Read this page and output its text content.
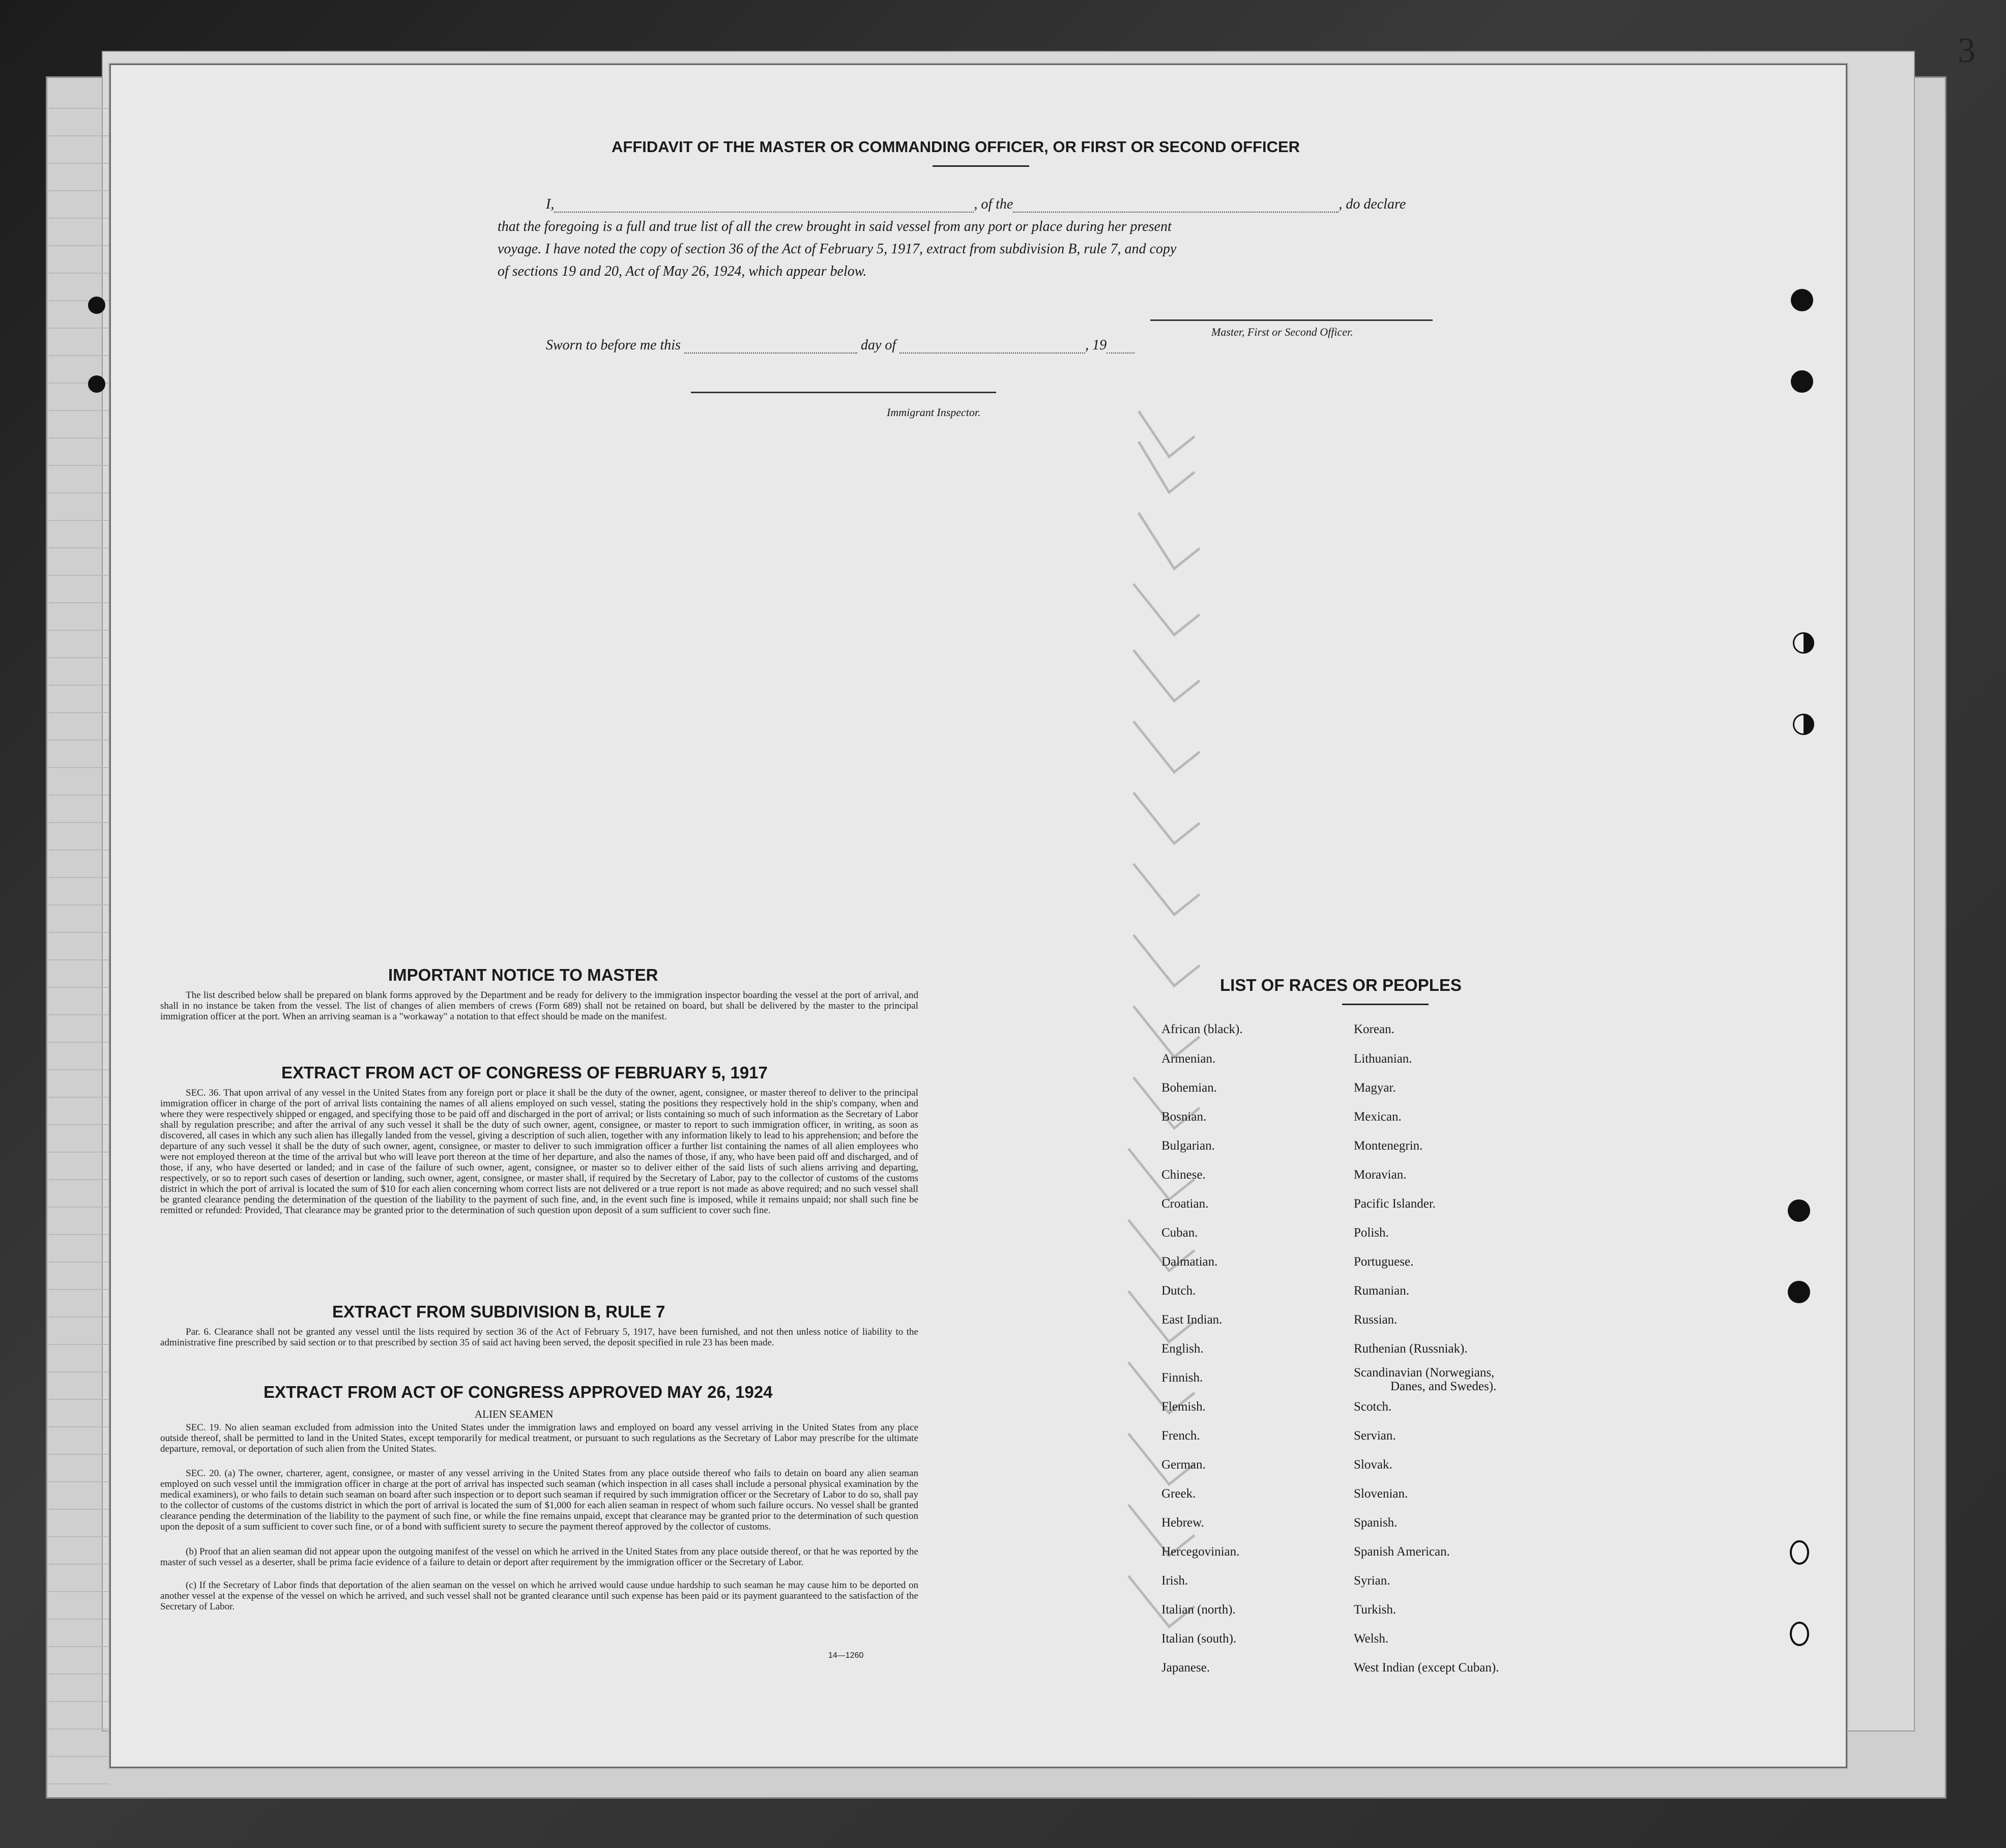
AFFIDAVIT OF THE MASTER OR COMMANDING OFFICER, OR FIRST OR SECOND OFFICER
I,	, of the	, do declare
that the foregoing is a full and true list of all the crew brought in said vessel from any port or place during her present
voyage. I have noted the copy of section 36 of the Act of February 5, 1917, extract from subdivision B, rule 7, and copy
of sections 19 and 20, Act of May 26, 1924, which appear below.
Master, First or Second Officer.
Sworn to before me this	day of	, 19
Immigrant Inspector.
IMPORTANT NOTICE TO MASTER
The list described below shall be prepared on blank forms approved by the Department and be ready for delivery to the immigration inspector boarding the vessel at the port of arrival, and shall in no instance be taken from the vessel. The list of changes of alien members of crews (Form 689) shall not be retained on board, but shall be delivered by the master to the principal immigration officer at the port. When an arriving seaman is a "workaway" a notation to that effect should be made on the manifest.
EXTRACT FROM ACT OF CONGRESS OF FEBRUARY 5, 1917
SEC. 36. That upon arrival of any vessel in the United States from any foreign port or place it shall be the duty of the owner, agent, consignee, or master thereof to deliver to the principal immigration officer in charge of the port of arrival lists containing the names of all aliens employed on such vessel, stating the positions they respectively hold in the ship's company, when and where they were respectively shipped or engaged, and specifying those to be paid off and discharged in the port of arrival; or lists containing so much of such information as the Secretary of Labor shall by regulation prescribe; and after the arrival of any such vessel it shall be the duty of such owner, agent, consignee, or master to report to such immigration officer, in writing, as soon as discovered, all cases in which any such alien has illegally landed from the vessel, giving a description of such alien, together with any information likely to lead to his apprehension; and before the departure of any such vessel it shall be the duty of such owner, agent, consignee, or master to deliver to such immigration officer a further list containing the names of all alien employees who were not employed thereon at the time of the arrival but who will leave port thereon at the time of her departure, and also the names of those, if any, who have been paid off and discharged, and of those, if any, who have deserted or landed; and in case of the failure of such owner, agent, consignee, or master so to deliver either of the said lists of such aliens arriving and departing, respectively, or so to report such cases of desertion or landing, such owner, agent, consignee, or master shall, if required by the Secretary of Labor, pay to the collector of customs of the customs district in which the port of arrival is located the sum of $10 for each alien concerning whom correct lists are not delivered or a true report is not made as above required; and no such vessel shall be granted clearance pending the determination of the question of the liability to the payment of such fine, and, in the event such fine is imposed, while it remains unpaid; nor shall such fine be remitted or refunded: Provided, That clearance may be granted prior to the determination of such question upon deposit of a sum sufficient to cover such fine.
EXTRACT FROM SUBDIVISION B, RULE 7
Par. 6. Clearance shall not be granted any vessel until the lists required by section 36 of the Act of February 5, 1917, have been furnished, and not then unless notice of liability to the administrative fine prescribed by said section or to that prescribed by section 35 of said act having been served, the deposit specified in rule 23 has been made.
EXTRACT FROM ACT OF CONGRESS APPROVED MAY 26, 1924
ALIEN SEAMEN
SEC. 19. No alien seaman excluded from admission into the United States under the immigration laws and employed on board any vessel arriving in the United States from any place outside thereof, shall be permitted to land in the United States, except temporarily for medical treatment, or pursuant to such regulations as the Secretary of Labor may prescribe for the ultimate departure, removal, or deportation of such alien from the United States.
SEC. 20. (a) The owner, charterer, agent, consignee, or master of any vessel arriving in the United States from any place outside thereof who fails to detain on board any alien seaman employed on such vessel until the immigration officer in charge at the port of arrival has inspected such seaman (which inspection in all cases shall include a personal physical examination by the medical examiners), or who fails to detain such seaman on board after such inspection or to deport such seaman if required by such immigration officer or the Secretary of Labor to do so, shall pay to the collector of customs of the customs district in which the port of arrival is located the sum of $1,000 for each alien seaman in respect of whom such failure occurs. No vessel shall be granted clearance pending the determination of the liability to the payment of such fine, or while the fine remains unpaid, except that clearance may be granted prior to the determination of such question upon the deposit of a sum sufficient to cover such fine, or of a bond with sufficient surety to secure the payment thereof approved by the collector of customs.
(b) Proof that an alien seaman did not appear upon the outgoing manifest of the vessel on which he arrived in the United States from any place outside thereof, or that he was reported by the master of such vessel as a deserter, shall be prima facie evidence of a failure to detain or deport after requirement by the immigration officer or the Secretary of Labor.
(c) If the Secretary of Labor finds that deportation of the alien seaman on the vessel on which he arrived would cause undue hardship to such seaman he may cause him to be deported on another vessel at the expense of the vessel on which he arrived, and such vessel shall not be granted clearance until such expense has been paid or its payment guaranteed to the satisfaction of the Secretary of Labor.
14—1260
LIST OF RACES OR PEOPLES
African (black).
Armenian.
Bohemian.
Bosnian.
Bulgarian.
Chinese.
Croatian.
Cuban.
Dalmatian.
Dutch.
East Indian.
English.
Finnish.
Flemish.
French.
German.
Greek.
Hebrew.
Hercegovinian.
Irish.
Italian (north).
Italian (south).
Japanese.
Korean.
Lithuanian.
Magyar.
Mexican.
Montenegrin.
Moravian.
Pacific Islander.
Polish.
Portuguese.
Rumanian.
Russian.
Ruthenian (Russniak).
Scandinavian (Norwegians,
Danes, and Swedes).
Scotch.
Servian.
Slovak.
Slovenian.
Spanish.
Spanish American.
Syrian.
Turkish.
Welsh.
West Indian (except Cuban).
3
